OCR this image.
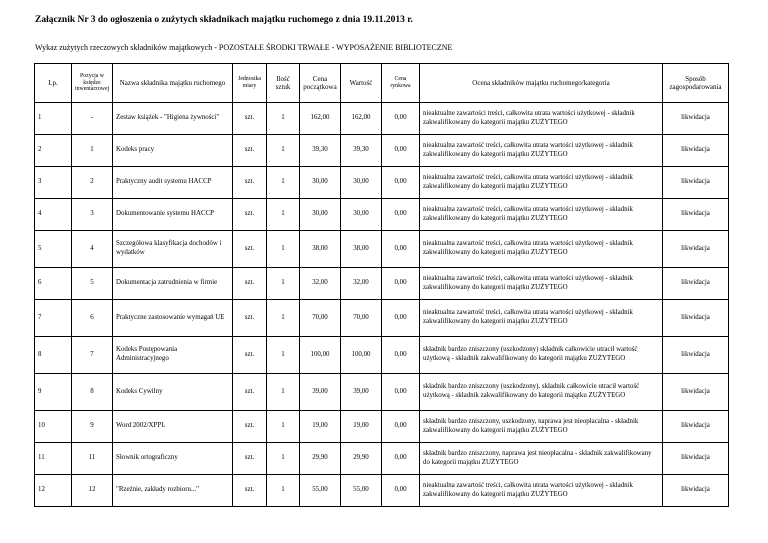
Załącznik Nr 3 do ogłoszenia o zużytych składnikach majątku ruchomego z dnia 19.11.2013 r.
Wykaz zużytych rzeczowych składników majątkowych - POZOSTAŁE ŚRODKI TRWAŁE - WYPOSAŻENIE BIBLIOTECZNE
Lp.	Pozycja w księdze inwentarzowej	Nazwa składnika majątku ruchomego	Jednostka miary	Ilość sztuk	Cena początkowa	Wartość	Cena rynkowa	Ocena składników majątku ruchomego/kategoria	Sposób zagospodarowania
1	-	Zestaw książek - "Higiena żywności"	szt.	1	162,00	162,00	0,00	nieaktualne zawartości treści, całkowita utrata wartości użytkowej - składnik zakwalifikowany do kategorii majątku ZUŻYTEGO	likwidacja
2	1	Kodeks pracy	szt.	1	39,30	39,30	0,00	nieaktualna zawartość treści, całkowita utrata wartości użytkowej - składnik zakwalifikowany do kategorii majątku ZUŻYTEGO	likwidacja
3	2	Praktyczny audit systemu HACCP	szt.	1	30,00	30,00	0,00	nieaktualna zawartość treści, całkowita utrata wartości użytkowej - składnik zakwalifikowany do kategorii majątku ZUŻYTEGO	likwidacja
4	3	Dokumentowanie systemu HACCP	szt.	1	30,00	30,00	0,00	nieaktualna zawartość treści, całkowita utrata wartości użytkowej - składnik zakwalifikowany do kategorii majątku ZUŻYTEGO	likwidacja
5	4	Szczegółowa klasyfikacja dochodów i wydatków	szt.	1	38,00	38,00	0,00	nieaktualna zawartość treści, całkowita utrata wartości użytkowej - składnik zakwalifikowany do kategorii majątku ZUŻYTEGO	likwidacja
6	5	Dokumentacja zatrudnienia w firmie	szt.	1	32,00	32,00	0,00	nieaktualna zawartość treści, całkowita utrata wartości użytkowej - składnik zakwalifikowany do kategorii majątku ZUŻYTEGO	likwidacja
7	6	Praktyczne zastosowanie wymagań UE	szt.	1	70,00	70,00	0,00	nieaktualna zawartość treści, całkowita utrata wartości użytkowej - składnik zakwalifikowany do kategorii majątku ZUŻYTEGO	likwidacja
8	7	Kodeks Postępowania Administracyjnego	szt.	1	100,00	100,00	0,00	składnik bardzo zniszczony (uszkodzony) składnik całkowicie utracił wartość użytkową - składnik zakwalifikowany do kategorii majątku ZUŻYTEGO	likwidacja
9	8	Kodeks Cywilny	szt.	1	39,00	39,00	0,00	składnik bardzo zniszczony (uszkodzony), składnik całkowicie utracił wartość użytkową - składnik zakwalifikowany do kategorii majątku ZUŻYTEGO	likwidacja
10	9	Word 2002/XPPL	szt.	1	19,00	19,00	0,00	składnik bardzo zniszczony, uszkodzony, naprawa jest nieopłacalna - składnik zakwalifikowany do kategorii majątku ZUŻYTEGO	likwidacja
11	11	Słownik ortograficzny	szt.	1	29,90	29,90	0,00	składnik bardzo zniszczony, naprawa jest nieopłacalna - składnik zakwalifikowany do kategorii majątku ZUŻYTEGO	likwidacja
12	12	"Rzeźnie, zakłady rozbioru..."	szt.	1	55,00	55,00	0,00	nieaktualna zawartość treści, całkowita utrata wartości użytkowej - składnik zakwalifikowany do kategorii majątku ZUŻYTEGO	likwidacja
